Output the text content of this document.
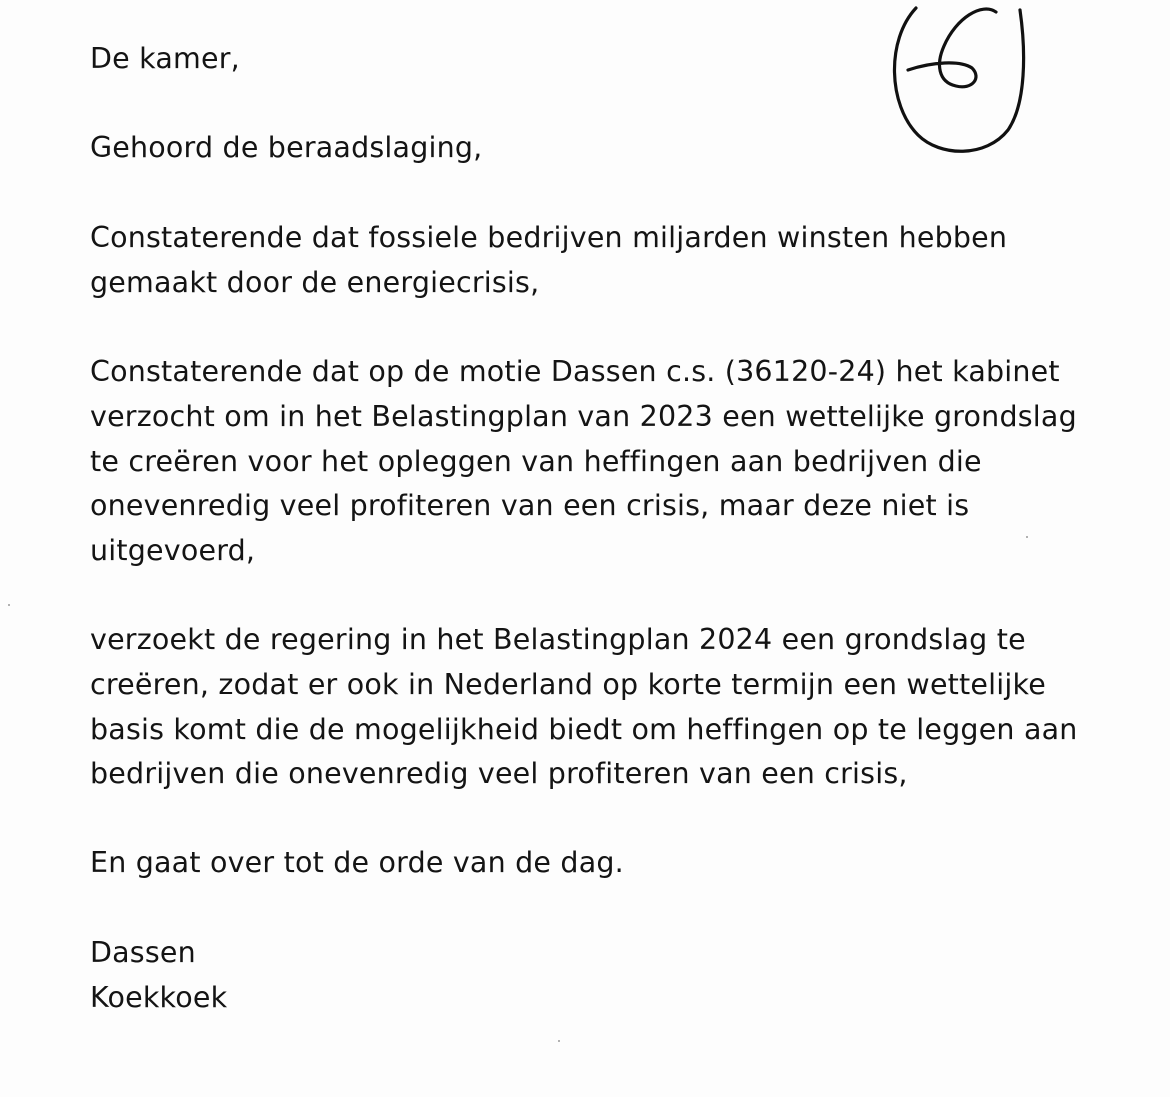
De kamer,
Gehoord de beraadslaging,
Constaterende dat fossiele bedrijven miljarden winsten hebben
gemaakt door de energiecrisis,
Constaterende dat op de motie Dassen c.s. (36120-24) het kabinet
verzocht om in het Belastingplan van 2023 een wettelijke grondslag
te creëren voor het opleggen van heffingen aan bedrijven die
onevenredig veel profiteren van een crisis, maar deze niet is
uitgevoerd,
verzoekt de regering in het Belastingplan 2024 een grondslag te
creëren, zodat er ook in Nederland op korte termijn een wettelijke
basis komt die de mogelijkheid biedt om heffingen op te leggen aan
bedrijven die onevenredig veel profiteren van een crisis,
En gaat over tot de orde van de dag.
Dassen
Koekkoek
